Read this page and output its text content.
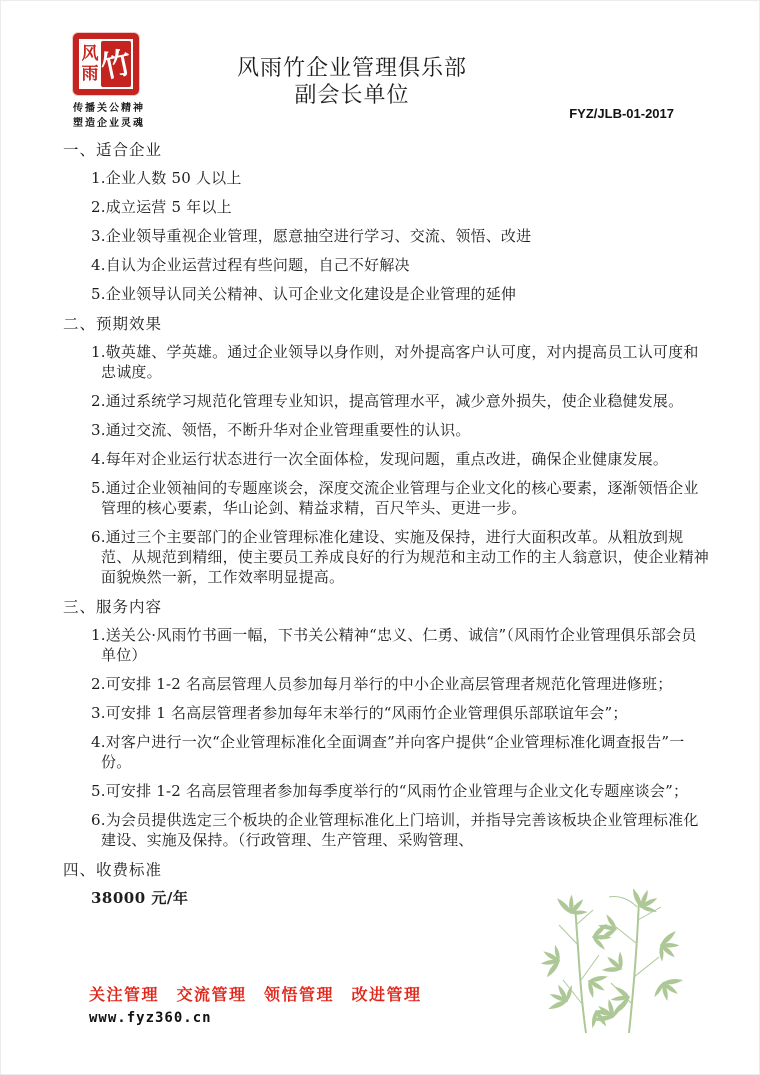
风
雨 竹
传播关公精神
塑造企业灵魂
风雨竹企业管理俱乐部
副会长单位
FYZ/JLB-01-2017
一、适合企业

1.企业人数 50 人以上

2.成立运营 5 年以上

3.企业领导重视企业管理，愿意抽空进行学习、交流、领悟、改进

4.自认为企业运营过程有些问题，自己不好解决

5.企业领导认同关公精神、认可企业文化建设是企业管理的延伸

二、预期效果

1.敬英雄、学英雄。通过企业领导以身作则，对外提高客户认可度，对内提高员工认可度和忠诚度。

2.通过系统学习规范化管理专业知识，提高管理水平，减少意外损失，使企业稳健发展。

3.通过交流、领悟，不断升华对企业管理重要性的认识。

4.每年对企业运行状态进行一次全面体检，发现问题，重点改进，确保企业健康发展。

5.通过企业领袖间的专题座谈会，深度交流企业管理与企业文化的核心要素，逐渐领悟企业管理的核心要素，华山论剑、精益求精，百尺竿头、更进一步。

6.通过三个主要部门的企业管理标准化建设、实施及保持，进行大面积改革。从粗放到规范、从规范到精细，使主要员工养成良好的行为规范和主动工作的主人翁意识，使企业精神面貌焕然一新，工作效率明显提高。

三、服务内容

1.送关公·风雨竹书画一幅，下书关公精神“忠义、仁勇、诚信”（风雨竹企业管理俱乐部会员单位）

2.可安排 1-2 名高层管理人员参加每月举行的中小企业高层管理者规范化管理进修班；

3.可安排 1 名高层管理者参加每年末举行的“风雨竹企业管理俱乐部联谊年会”；

4.对客户进行一次“企业管理标准化全面调查”并向客户提供“企业管理标准化调查报告”一份。

5.可安排 1-2 名高层管理者参加每季度举行的“风雨竹企业管理与企业文化专题座谈会”；

6.为会员提供选定三个板块的企业管理标准化上门培训，并指导完善该板块企业管理标准化建设、实施及保持。（行政管理、生产管理、采购管理、

四、收费标准

38000 元/年

关注管理　交流管理　领悟管理　改进管理
www.fyz360.cn
